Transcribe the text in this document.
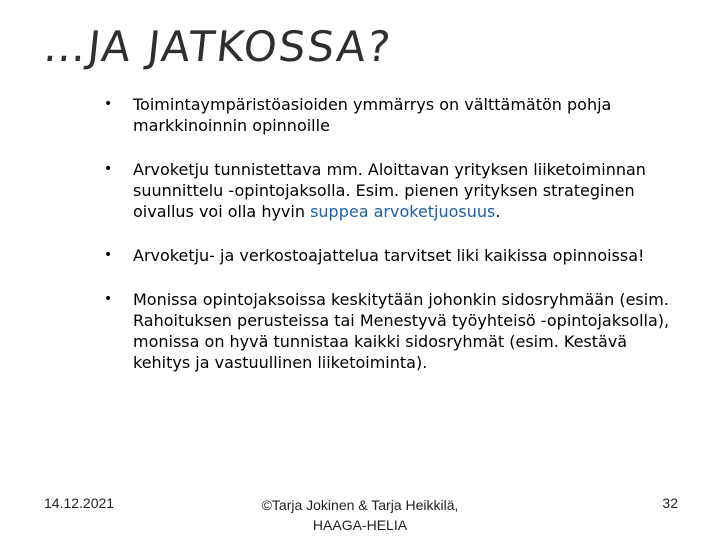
…JA JATKOSSA?
• Toimintaympäristöasioiden ymmärrys on välttämätön pohja markkinoinnin opinnoille
• Arvoketju tunnistettava mm. Aloittavan yrityksen liiketoiminnan suunnittelu -opintojaksolla. Esim. pienen yrityksen strateginen oivallus voi olla hyvin suppea arvoketjuosuus.
• Arvoketju- ja verkostoajattelua tarvitset liki kaikissa opinnoissa!
• Monissa opintojaksoissa keskitytään johonkin sidosryhmään (esim. Rahoituksen perusteissa tai Menestyvä työyhteisö -opintojaksolla), monissa on hyvä tunnistaa kaikki sidosryhmät (esim. Kestävä kehitys ja vastuullinen liiketoiminta).
14.12.2021	©Tarja Jokinen & Tarja Heikkilä,
HAAGA-HELIA
32
